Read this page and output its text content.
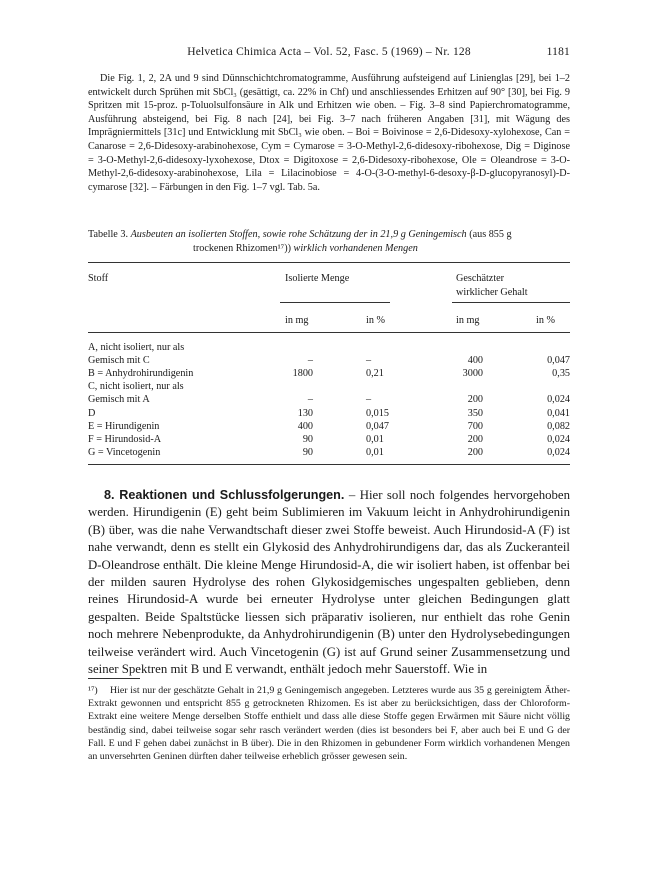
Helvetica Chimica Acta – Vol. 52, Fasc. 5 (1969) – Nr. 128	1181

Die Fig. 1, 2, 2A und 9 sind Dünnschichtchromatogramme, Ausführung aufsteigend auf Linienglas [29], bei 1–2 entwickelt durch Sprühen mit SbCl₃ (gesättigt, ca. 22% in Chf) und anschliessendes Erhitzen auf 90° [30], bei Fig. 9 Spritzen mit 15-proz. p-Toluolsulfonsäure in Alk und Erhitzen wie oben. – Fig. 3–8 sind Papierchromatogramme, Ausführung absteigend, bei Fig. 8 nach [24], bei Fig. 3–7 nach früheren Angaben [31], mit Wägung des Imprägniermittels [31c] und Entwicklung mit SbCl₃ wie oben. – Boi = Boivinose = 2,6-Didesoxy-xylohexose, Can = Canarose = 2,6-Didesoxy-arabinohexose, Cym = Cymarose = 3-O-Methyl-2,6-didesoxy-ribohexose, Dig = Diginose = 3-O-Methyl-2,6-didesoxy-lyxohexose, Dtox = Digitoxose = 2,6-Didesoxy-ribohexose, Ole = Oleandrose = 3-O-Methyl-2,6-didesoxy-arabinohexose, Lila = Lilacinobiose = 4-O-(3-O-methyl-6-desoxy-β-D-glucopyranosyl)-D-cymarose [32]. – Färbungen in den Fig. 1–7 vgl. Tab. 5a.

Tabelle 3. Ausbeuten an isolierten Stoffen, sowie rohe Schätzung der in 21,9 g Geningemisch (aus 855 g
trockenen Rhizomen¹⁷)) wirklich vorhandenen Mengen
Stoff	Isolierte Menge	Geschätzter
wirklicher Gehalt
in mg	in %	in mg	in %
A, nicht isoliert, nur als
Gemisch mit C	–	–	400	0,047
B = Anhydrohirundigenin	1800	0,21	3000	0,35
C, nicht isoliert, nur als
Gemisch mit A	–	–	200	0,024
D	130	0,015	350	0,041
E = Hirundigenin	400	0,047	700	0,082
F = Hirundosid-A	90	0,01	200	0,024
G = Vincetogenin	90	0,01	200	0,024

8. Reaktionen und Schlussfolgerungen. – Hier soll noch folgendes hervorgehoben werden. Hirundigenin (E) geht beim Sublimieren im Vakuum leicht in Anhydrohirundigenin (B) über, was die nahe Verwandtschaft dieser zwei Stoffe beweist. Auch Hirundosid-A (F) ist nahe verwandt, denn es stellt ein Glykosid des Anhydrohirundigens dar, das als Zuckeranteil D-Oleandrose enthält. Die kleine Menge Hirundosid-A, die wir isoliert haben, ist offenbar bei der milden sauren Hydrolyse des rohen Glykosidgemisches ungespalten geblieben, denn reines Hirundosid-A wurde bei erneuter Hydrolyse unter gleichen Bedingungen glatt gespalten. Beide Spaltstücke liessen sich präparativ isolieren, nur enthielt das rohe Genin noch mehrere Nebenprodukte, da Anhydrohirundigenin (B) unter den Hydrolysebedingungen teilweise verändert wird. Auch Vincetogenin (G) ist auf Grund seiner Zusammensetzung und seiner Spektren mit B und E verwandt, enthält jedoch mehr Sauerstoff. Wie in

¹⁷) Hier ist nur der geschätzte Gehalt in 21,9 g Geningemisch angegeben. Letzteres wurde aus 35 g gereinigtem Äther-Extrakt gewonnen und entspricht 855 g getrockneten Rhizomen. Es ist aber zu berücksichtigen, dass der Chloroform-Extrakt eine weitere Menge derselben Stoffe enthielt und dass alle diese Stoffe gegen Erwärmen mit Säure nicht völlig beständig sind, dabei teilweise sogar sehr rasch verändert werden (dies ist besonders bei F, aber auch bei E und G der Fall. E und F gehen dabei zunächst in B über). Die in den Rhizomen in gebundener Form wirklich vorhandenen Mengen an unversehrten Geninen dürften daher teilweise erheblich grösser gewesen sein.
